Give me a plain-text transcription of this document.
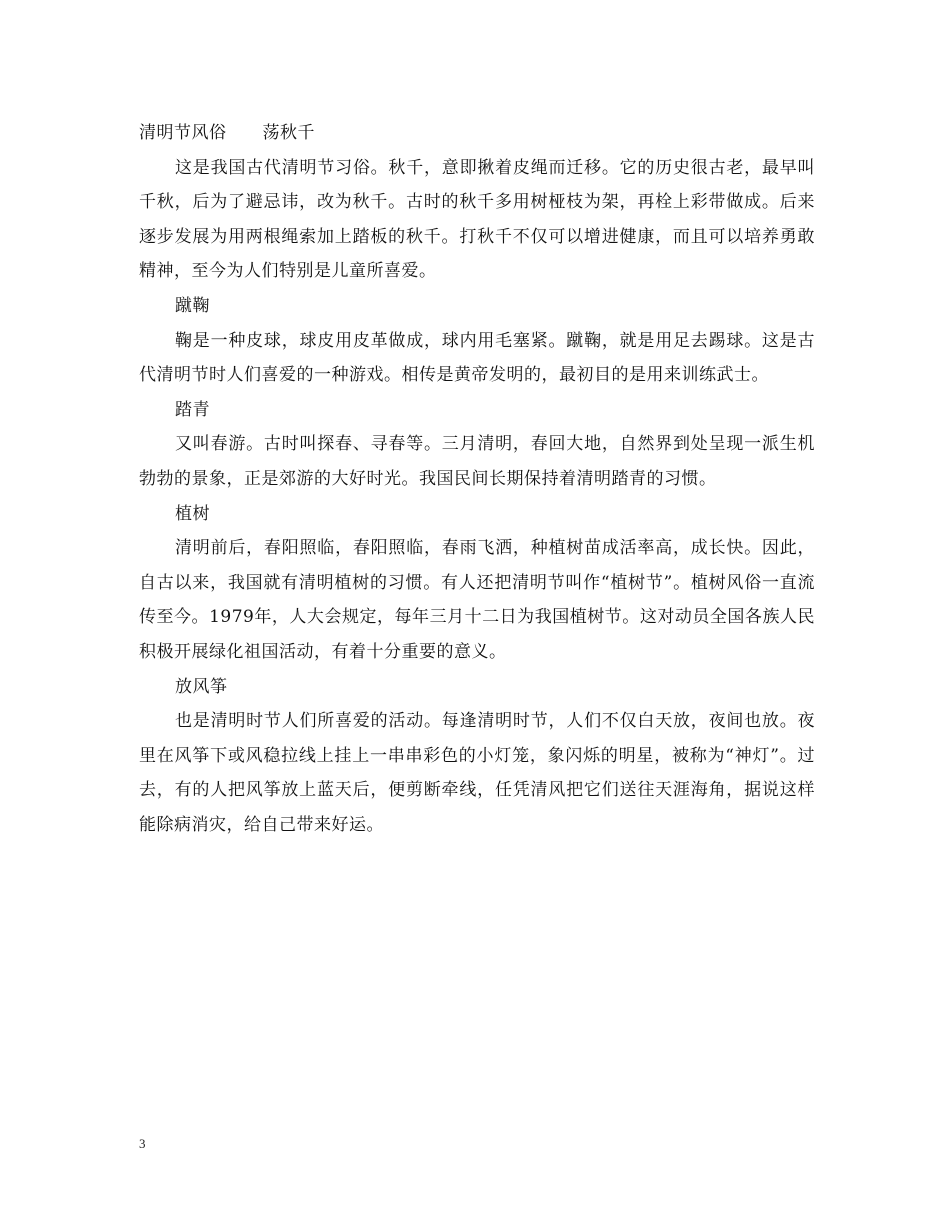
清明节风俗 荡秋千

这是我国古代清明节习俗。秋千，意即揪着皮绳而迁移。它的历史很古老，最早叫千秋，后为了避忌讳，改为秋千。古时的秋千多用树桠枝为架，再栓上彩带做成。后来逐步发展为用两根绳索加上踏板的秋千。打秋千不仅可以增进健康，而且可以培养勇敢精神，至今为人们特别是儿童所喜爱。

蹴鞠

鞠是一种皮球，球皮用皮革做成，球内用毛塞紧。蹴鞠，就是用足去踢球。这是古代清明节时人们喜爱的一种游戏。相传是黄帝发明的，最初目的是用来训练武士。

踏青

又叫春游。古时叫探春、寻春等。三月清明，春回大地，自然界到处呈现一派生机勃勃的景象，正是郊游的大好时光。我国民间长期保持着清明踏青的习惯。

植树

清明前后，春阳照临，春阳照临，春雨飞洒，种植树苗成活率高，成长快。因此，自古以来，我国就有清明植树的习惯。有人还把清明节叫作“植树节”。植树风俗一直流传至今。1979年，人大会规定，每年三月十二日为我国植树节。这对动员全国各族人民积极开展绿化祖国活动，有着十分重要的意义。

放风筝

也是清明时节人们所喜爱的活动。每逢清明时节，人们不仅白天放，夜间也放。夜里在风筝下或风稳拉线上挂上一串串彩色的小灯笼，象闪烁的明星，被称为“神灯”。过去，有的人把风筝放上蓝天后，便剪断牵线，任凭清风把它们送往天涯海角，据说这样能除病消灾，给自己带来好运。

3
